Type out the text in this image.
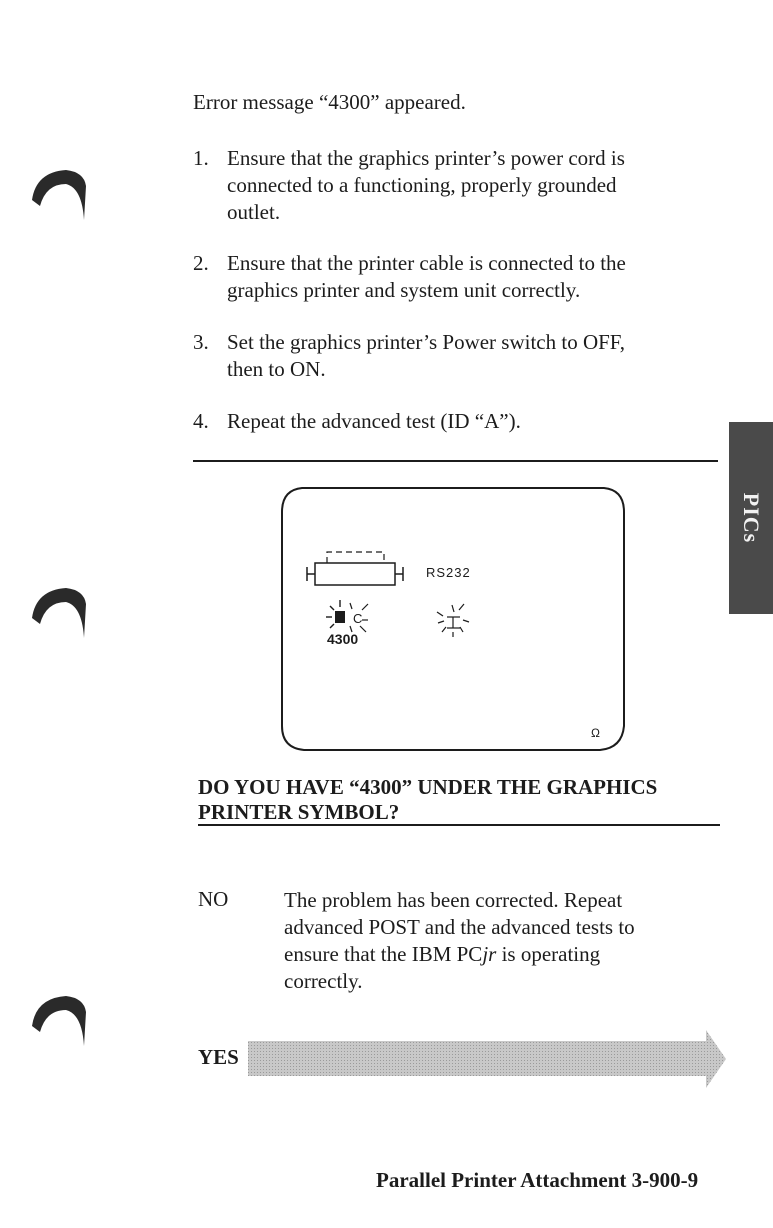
Error message “4300” appeared.
1. Ensure that the graphics printer’s power cord is
connected to a functioning, properly grounded
outlet.
2. Ensure that the printer cable is connected to the
graphics printer and system unit correctly.
3. Set the graphics printer’s Power switch to OFF,
then to ON.
4. Repeat the advanced test (ID “A”).
PICs
C
RS232
4300
Ω
DO YOU HAVE “4300” UNDER THE GRAPHICS
PRINTER SYMBOL?
NO	The problem has been corrected. Repeat
advanced POST and the advanced tests to
ensure that the IBM PCjr is operating
correctly.
YES
Parallel Printer Attachment 3-900-9
